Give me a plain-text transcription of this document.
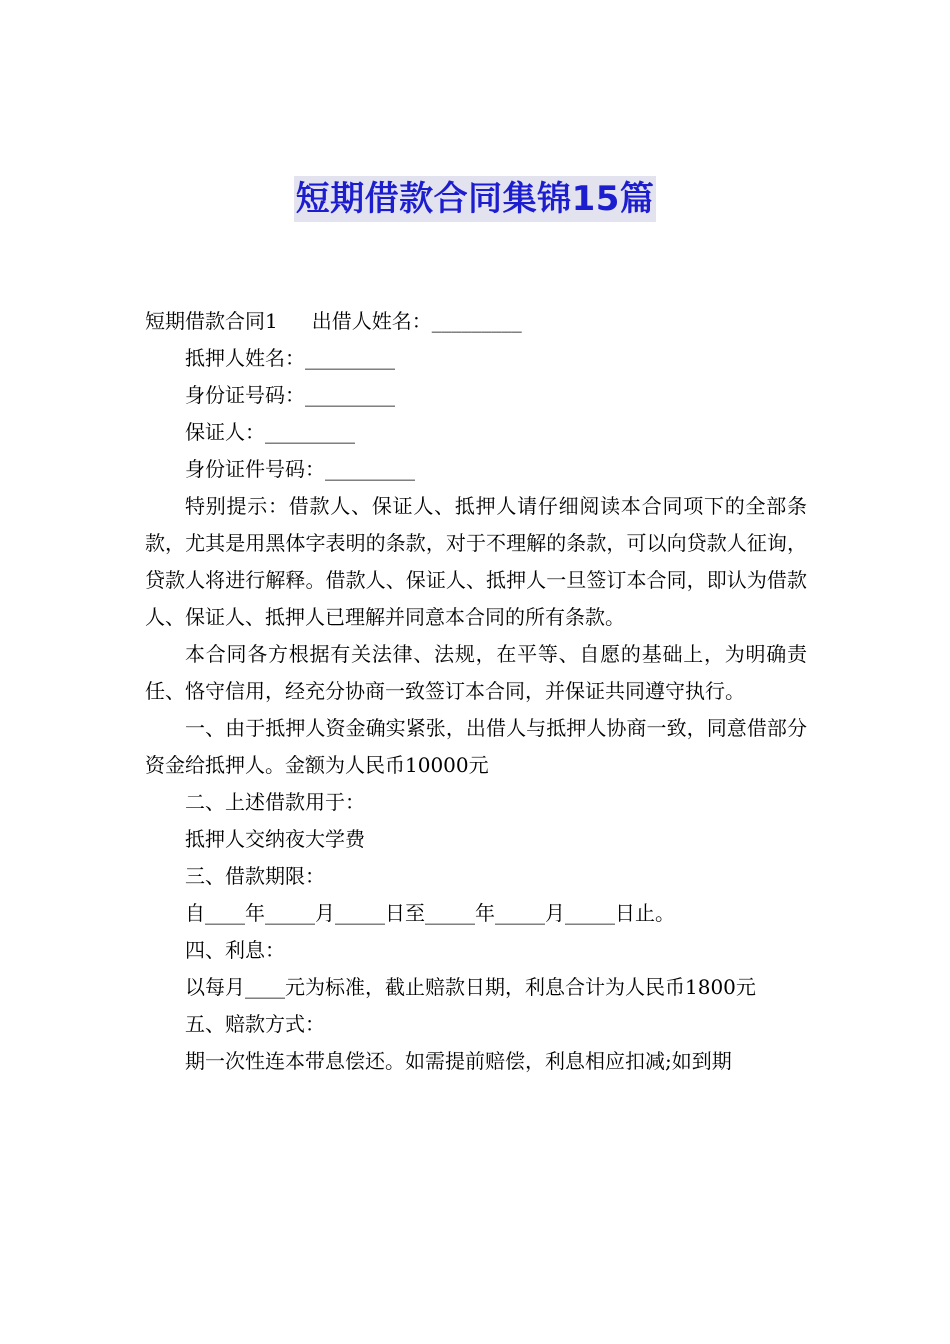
短期借款合同集锦15篇

短期借款合同1 出借人姓名：_________

抵押人姓名：_________

身份证号码：_________

保证人：_________

身份证件号码：_________

特别提示：借款人、保证人、抵押人请仔细阅读本合同项下的全部条款，尤其是用黑体字表明的条款，对于不理解的条款，可以向贷款人征询，贷款人将进行解释。借款人、保证人、抵押人一旦签订本合同，即认为借款人、保证人、抵押人已理解并同意本合同的所有条款。

本合同各方根据有关法律、法规，在平等、自愿的基础上，为明确责任、恪守信用，经充分协商一致签订本合同，并保证共同遵守执行。

一、由于抵押人资金确实紧张，出借人与抵押人协商一致，同意借部分资金给抵押人。金额为人民币10000元

二、上述借款用于：

抵押人交纳夜大学费

三、借款期限：

自____年_____月_____日至_____年_____月_____日止。

四、利息：

以每月____元为标准，截止赔款日期，利息合计为人民币1800元

五、赔款方式：

期一次性连本带息偿还。如需提前赔偿，利息相应扣减;如到期
